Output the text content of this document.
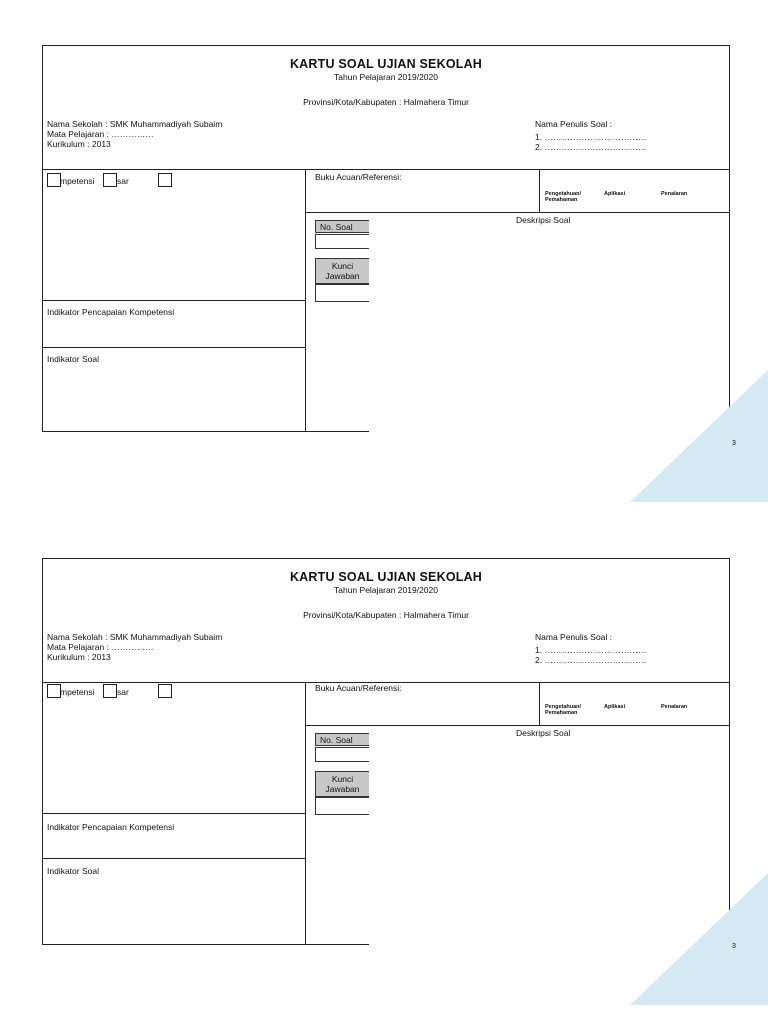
KARTU SOAL UJIAN SEKOLAH
Tahun Pelajaran 2019/2020
Provinsi/Kota/Kabupaten : Halmahera Timur
Nama Sekolah : SMK Muhammadiyah Subaim
Mata Pelajaran : ……………
Kurikulum : 2013
Nama Penulis Soal :
1. ………………………………
2. ………………………………
mpetensi	sar	Buku Acuan/Referensi:
Pengetahuan/
Pemahaman
Aplikasi	Penalaran
Deskripsi Soal
No. Soal
Kunci
Jawaban
Indikator Pencapaian Kompetensi
Indikator Soal
KARTU SOAL UJIAN SEKOLAH
Tahun Pelajaran 2019/2020
Provinsi/Kota/Kabupaten : Halmahera Timur
Nama Sekolah : SMK Muhammadiyah Subaim
Mata Pelajaran : ……………
Kurikulum : 2013
Nama Penulis Soal :
1. ………………………………
2. ………………………………
mpetensi	sar	Buku Acuan/Referensi:
Pengetahuan/
Pemahaman
Aplikasi	Penalaran
Deskripsi Soal
No. Soal
Kunci
Jawaban
Indikator Pencapaian Kompetensi
Indikator Soal
3
3
